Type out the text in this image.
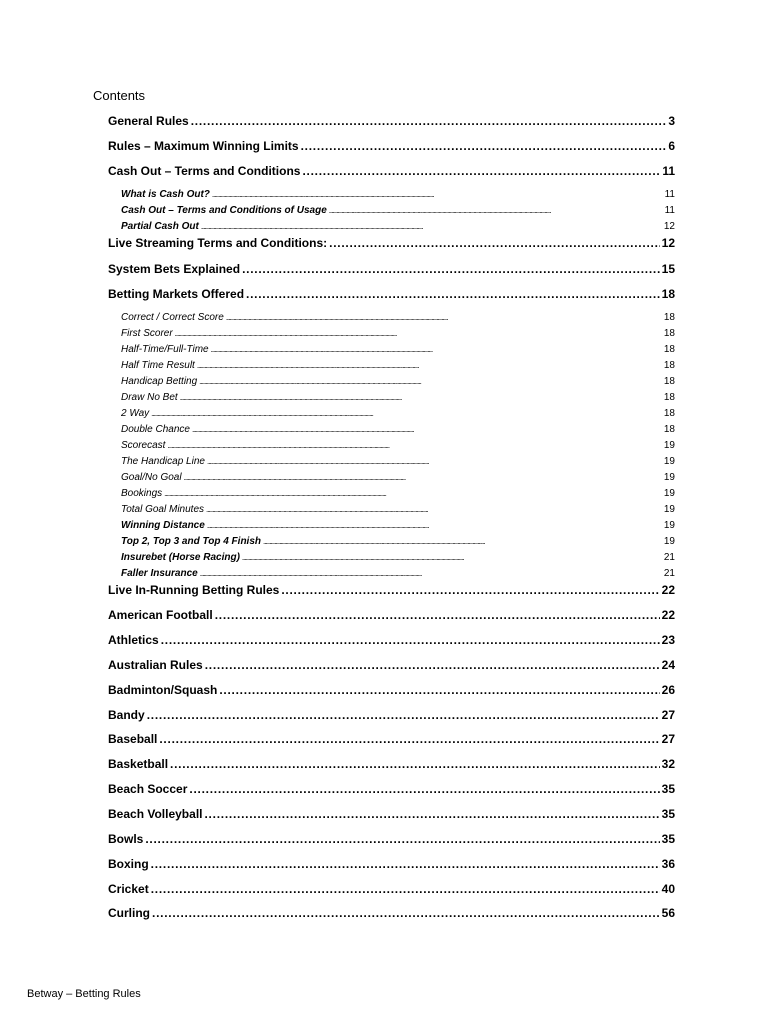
Contents
General Rules . . .	3
Rules – Maximum Winning Limits . . .	6
Cash Out – Terms and Conditions . . .	11
What is Cash Out? . . .	11
Cash Out – Terms and Conditions of Usage . . .	11
Partial Cash Out . . .	12
Live Streaming Terms and Conditions: . . .	12
System Bets Explained . . .	15
Betting Markets Offered . . .	18
Correct / Correct Score . . .	18
First Scorer . . .	18
Half-Time/Full-Time . . .	18
Half Time Result . . .	18
Handicap Betting . . .	18
Draw No Bet . . .	18
2 Way . . .	18
Double Chance . . .	18
Scorecast . . .	19
The Handicap Line . . .	19
Goal/No Goal . . .	19
Bookings . . .	19
Total Goal Minutes . . .	19
Winning Distance . . .	19
Top 2, Top 3 and Top 4 Finish . . .	19
Insurebet (Horse Racing) . . .	21
Faller Insurance . . .	21
Live In-Running Betting Rules . . .	22
American Football . . .	22
Athletics . . .	23
Australian Rules . . .	24
Badminton/Squash . . .	26
Bandy . . .	27
Baseball . . .	27
Basketball . . .	32
Beach Soccer . . .	35
Beach Volleyball . . .	35
Bowls . . .	35
Boxing . . .	36
Cricket . . .	40
Curling . . .	56
Betway – Betting Rules
